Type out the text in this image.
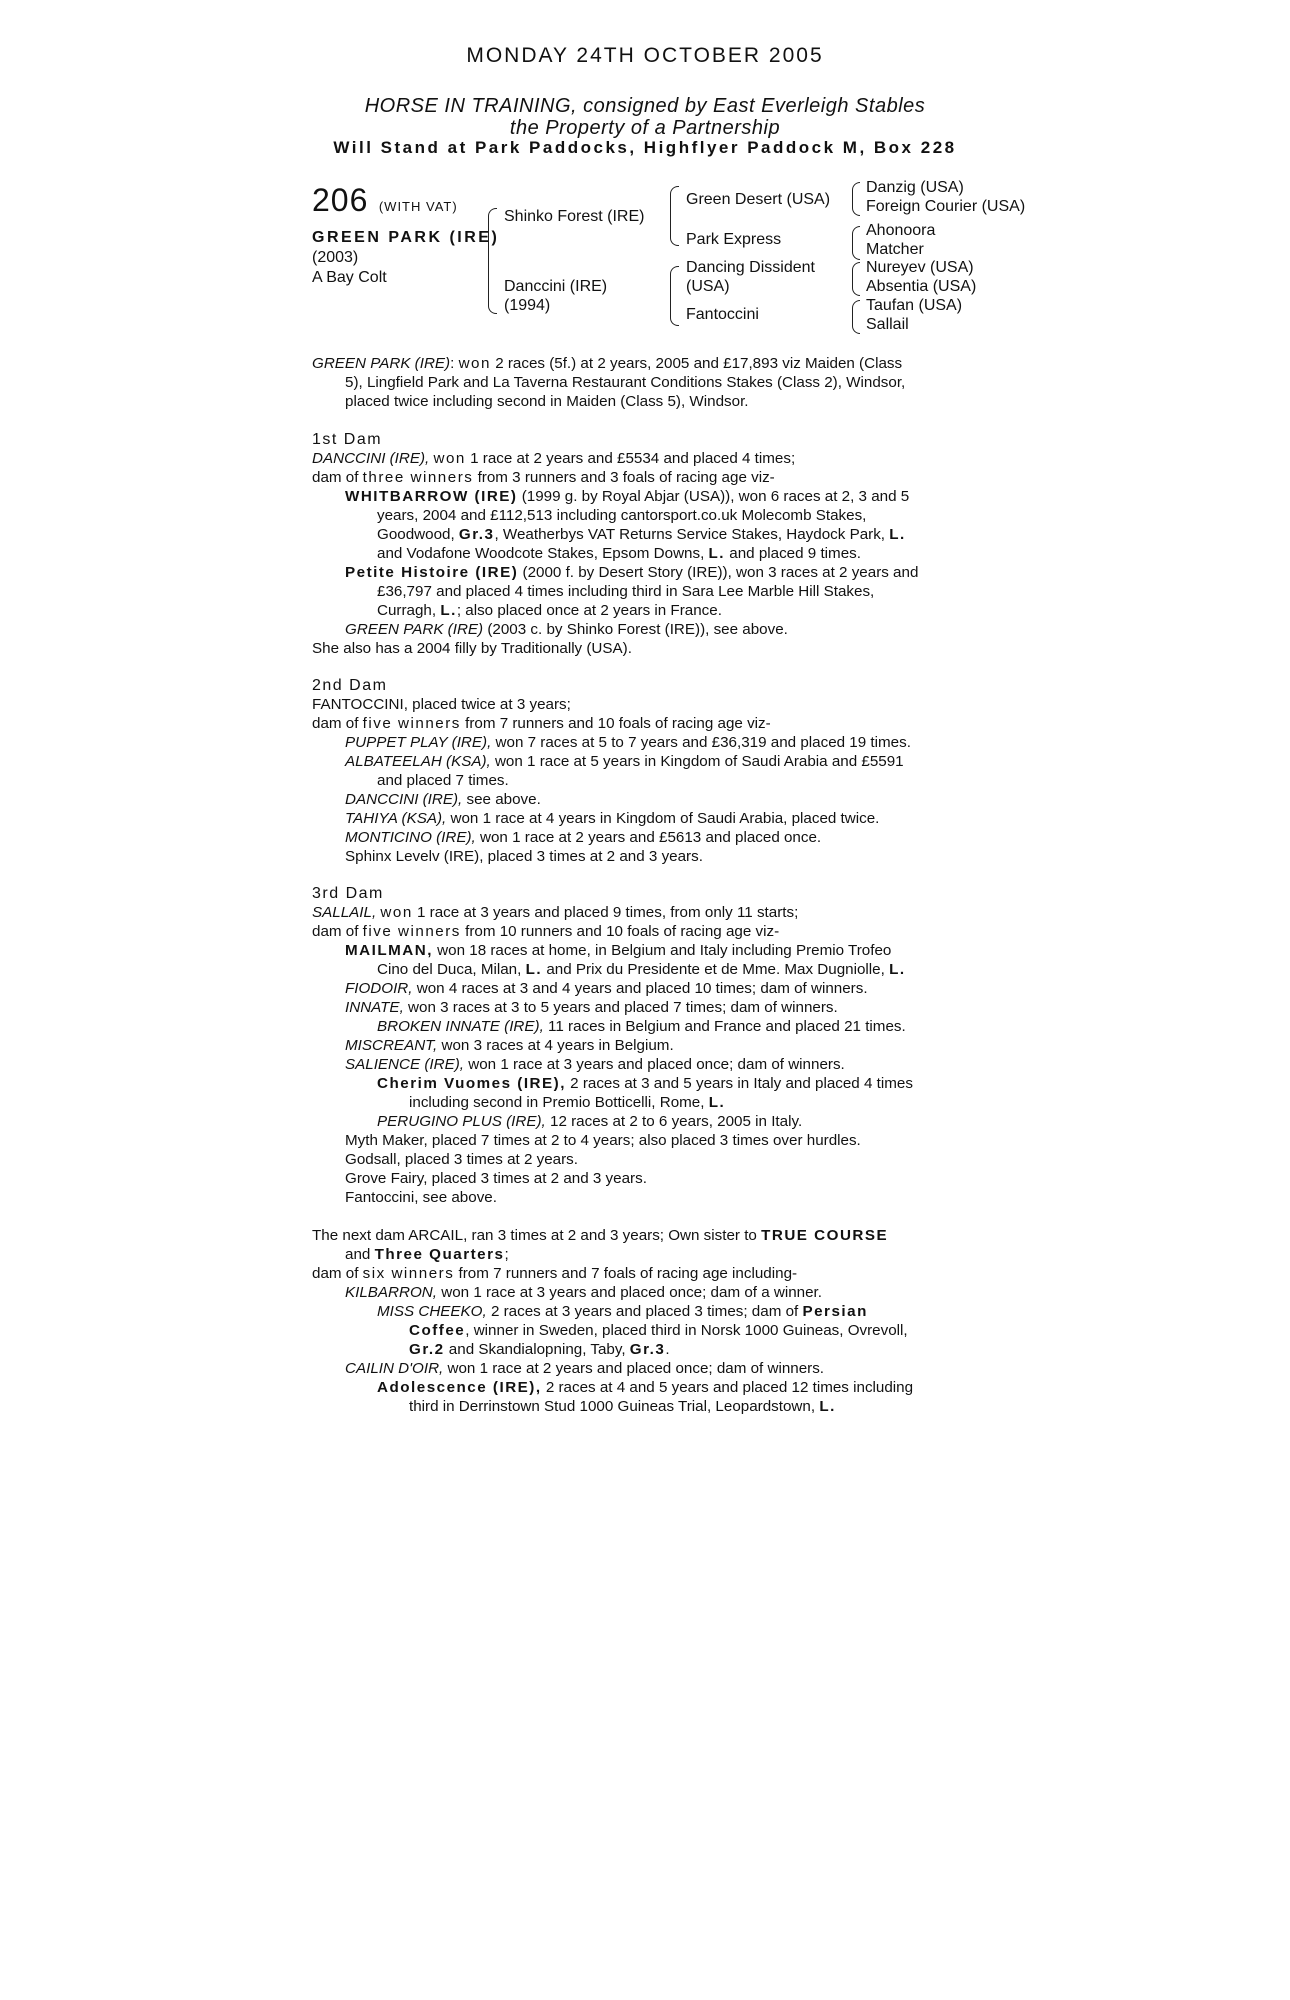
MONDAY 24TH OCTOBER 2005
HORSE IN TRAINING, consigned by East Everleigh Stables
the Property of a Partnership
Will Stand at Park Paddocks, Highflyer Paddock M, Box 228
206 (WITH VAT)
GREEN PARK (IRE)
(2003)
A Bay Colt
Shinko Forest (IRE)
Danccini (IRE)
(1994)
Green Desert (USA)
Park Express
Dancing Dissident
(USA)
Fantoccini
Danzig (USA)
Foreign Courier (USA)
Ahonoora
Matcher
Nureyev (USA)
Absentia (USA)
Taufan (USA)
Sallail

GREEN PARK (IRE): won 2 races (5f.) at 2 years, 2005 and £17,893 viz Maiden (Class

5), Lingfield Park and La Taverna Restaurant Conditions Stakes (Class 2), Windsor,

placed twice including second in Maiden (Class 5), Windsor.

1st Dam

DANCCINI (IRE), won 1 race at 2 years and £5534 and placed 4 times;

dam of three winners from 3 runners and 3 foals of racing age viz-

WHITBARROW (IRE) (1999 g. by Royal Abjar (USA)), won 6 races at 2, 3 and 5

years, 2004 and £112,513 including cantorsport.co.uk Molecomb Stakes,

Goodwood, Gr.3, Weatherbys VAT Returns Service Stakes, Haydock Park, L.

and Vodafone Woodcote Stakes, Epsom Downs, L. and placed 9 times.

Petite Histoire (IRE) (2000 f. by Desert Story (IRE)), won 3 races at 2 years and

£36,797 and placed 4 times including third in Sara Lee Marble Hill Stakes,

Curragh, L.; also placed once at 2 years in France.

GREEN PARK (IRE) (2003 c. by Shinko Forest (IRE)), see above.

She also has a 2004 filly by Traditionally (USA).

2nd Dam

FANTOCCINI, placed twice at 3 years;

dam of five winners from 7 runners and 10 foals of racing age viz-

PUPPET PLAY (IRE), won 7 races at 5 to 7 years and £36,319 and placed 19 times.

ALBATEELAH (KSA), won 1 race at 5 years in Kingdom of Saudi Arabia and £5591

and placed 7 times.

DANCCINI (IRE), see above.

TAHIYA (KSA), won 1 race at 4 years in Kingdom of Saudi Arabia, placed twice.

MONTICINO (IRE), won 1 race at 2 years and £5613 and placed once.

Sphinx Levelv (IRE), placed 3 times at 2 and 3 years.

3rd Dam

SALLAIL, won 1 race at 3 years and placed 9 times, from only 11 starts;

dam of five winners from 10 runners and 10 foals of racing age viz-

MAILMAN, won 18 races at home, in Belgium and Italy including Premio Trofeo

Cino del Duca, Milan, L. and Prix du Presidente et de Mme. Max Dugniolle, L.

FIODOIR, won 4 races at 3 and 4 years and placed 10 times; dam of winners.

INNATE, won 3 races at 3 to 5 years and placed 7 times; dam of winners.

BROKEN INNATE (IRE), 11 races in Belgium and France and placed 21 times.

MISCREANT, won 3 races at 4 years in Belgium.

SALIENCE (IRE), won 1 race at 3 years and placed once; dam of winners.

Cherim Vuomes (IRE), 2 races at 3 and 5 years in Italy and placed 4 times

including second in Premio Botticelli, Rome, L.

PERUGINO PLUS (IRE), 12 races at 2 to 6 years, 2005 in Italy.

Myth Maker, placed 7 times at 2 to 4 years; also placed 3 times over hurdles.

Godsall, placed 3 times at 2 years.

Grove Fairy, placed 3 times at 2 and 3 years.

Fantoccini, see above.

The next dam ARCAIL, ran 3 times at 2 and 3 years; Own sister to TRUE COURSE

and Three Quarters;

dam of six winners from 7 runners and 7 foals of racing age including-

KILBARRON, won 1 race at 3 years and placed once; dam of a winner.

MISS CHEEKO, 2 races at 3 years and placed 3 times; dam of Persian

Coffee, winner in Sweden, placed third in Norsk 1000 Guineas, Ovrevoll,

Gr.2 and Skandialopning, Taby, Gr.3.

CAILIN D'OIR, won 1 race at 2 years and placed once; dam of winners.

Adolescence (IRE), 2 races at 4 and 5 years and placed 12 times including

third in Derrinstown Stud 1000 Guineas Trial, Leopardstown, L.
